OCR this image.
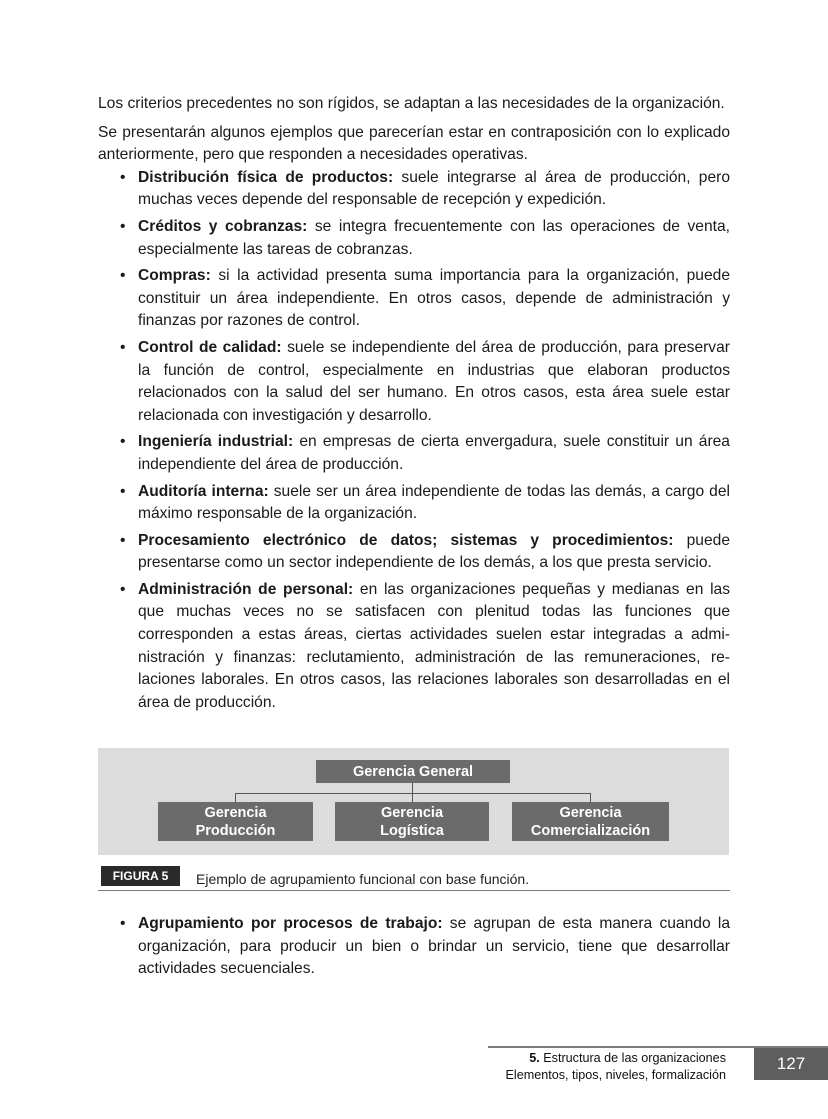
Los criterios precedentes no son rígidos, se adaptan a las necesidades de la organización.

Se presentarán algunos ejemplos que parecerían estar en contraposición con lo explicado anteriormente, pero que responden a necesidades operativas.

• Distribución física de productos: suele integrarse al área de producción, pero muchas veces depende del responsable de recepción y expedición.
• Créditos y cobranzas: se integra frecuentemente con las operaciones de venta, especialmente las tareas de cobranzas.
• Compras: si la actividad presenta suma importancia para la organización, puede constituir un área independiente. En otros casos, depende de administración y finanzas por razones de control.
• Control de calidad: suele se independiente del área de producción, para preservar la función de control, especialmente en industrias que elaboran productos relacionados con la salud del ser humano. En otros casos, esta área suele estar relacionada con investigación y desarrollo.
• Ingeniería industrial: en empresas de cierta envergadura, suele constituir un área independiente del área de producción.
• Auditoría interna: suele ser un área independiente de todas las demás, a cargo del máximo responsable de la organización.
• Procesamiento electrónico de datos; sistemas y procedimientos: puede presentarse como un sector independiente de los demás, a los que presta servicio.
• Administración de personal: en las organizaciones pequeñas y medianas en las que muchas veces no se satisfacen con plenitud todas las funciones que corresponden a estas áreas, ciertas actividades suelen estar integradas a administración y finanzas: reclutamiento, administración de las remuneraciones, relaciones laborales. En otros casos, las relaciones laborales son desarrolladas en el área de producción.
Gerencia General
Gerencia
Producción
Gerencia
Logística
Gerencia
Comercialización
FIGURA 5	Ejemplo de agrupamiento funcional con base función.
• Agrupamiento por procesos de trabajo: se agrupan de esta manera cuando la organización, para producir un bien o brindar un servicio, tiene que desarrollar actividades secuenciales.
5. Estructura de las organizaciones
Elementos, tipos, niveles, formalización
127
